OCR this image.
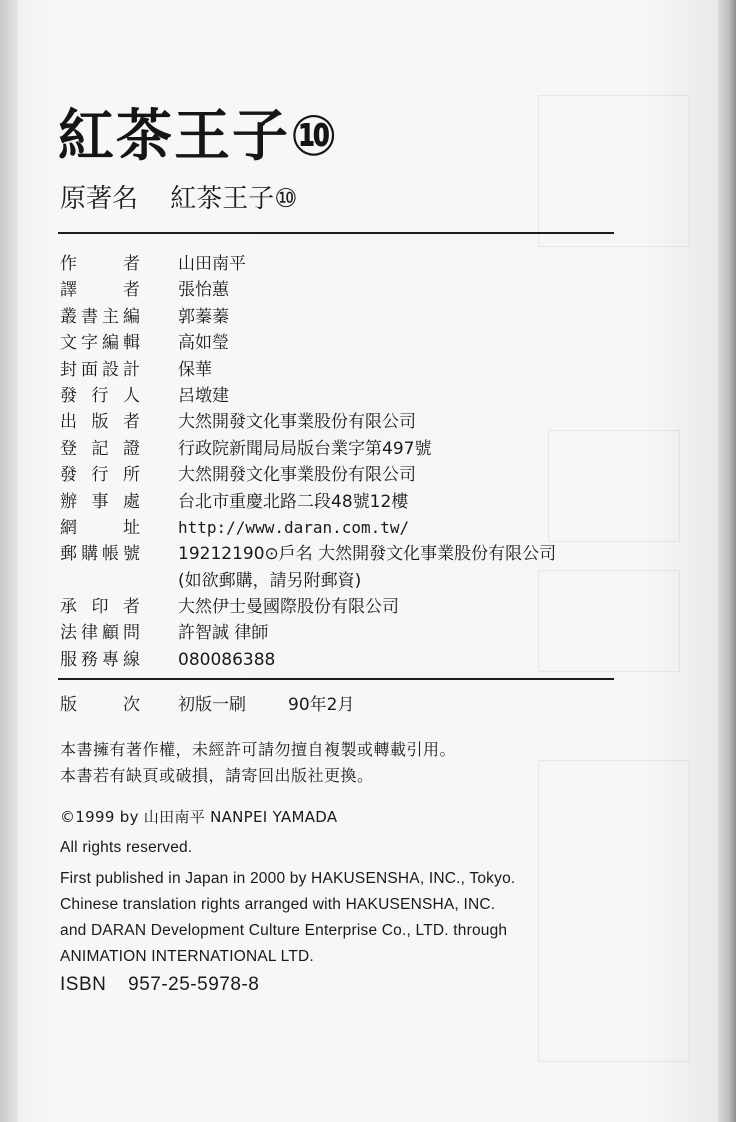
紅茶王子⑩
原著名 紅茶王子⑩
作	者 山田南平
譯	者 張怡蕙
叢 書 主 編 郭蓁蓁
文 字 編 輯 高如瑩
封 面 設 計 保華
發 行 人 呂墩建
出 版 者 大然開發文化事業股份有限公司
登 記 證 行政院新聞局局版台業字第497號
發 行 所 大然開發文化事業股份有限公司
辦 事 處 台北市重慶北路二段48號12樓
網	址 http://www.daran.com.tw/
郵 購 帳 號 19212190⊙戶名 大然開發文化事業股份有限公司
(如欲郵購，請另附郵資)
承 印 者 大然伊士曼國際股份有限公司
法 律 顧 問 許智誠 律師
服 務 專 線 080086388
版	次 初版一刷 90年2月
本書擁有著作權，未經許可請勿擅自複製或轉載引用。
本書若有缺頁或破損，請寄回出版社更換。
©1999 by 山田南平 NANPEI YAMADA
All rights reserved.
First published in Japan in 2000 by HAKUSENSHA, INC., Tokyo.
Chinese translation rights arranged with HAKUSENSHA, INC.
and DARAN Development Culture Enterprise Co., LTD. through
ANIMATION INTERNATIONAL LTD.
ISBN 957-25-5978-8
